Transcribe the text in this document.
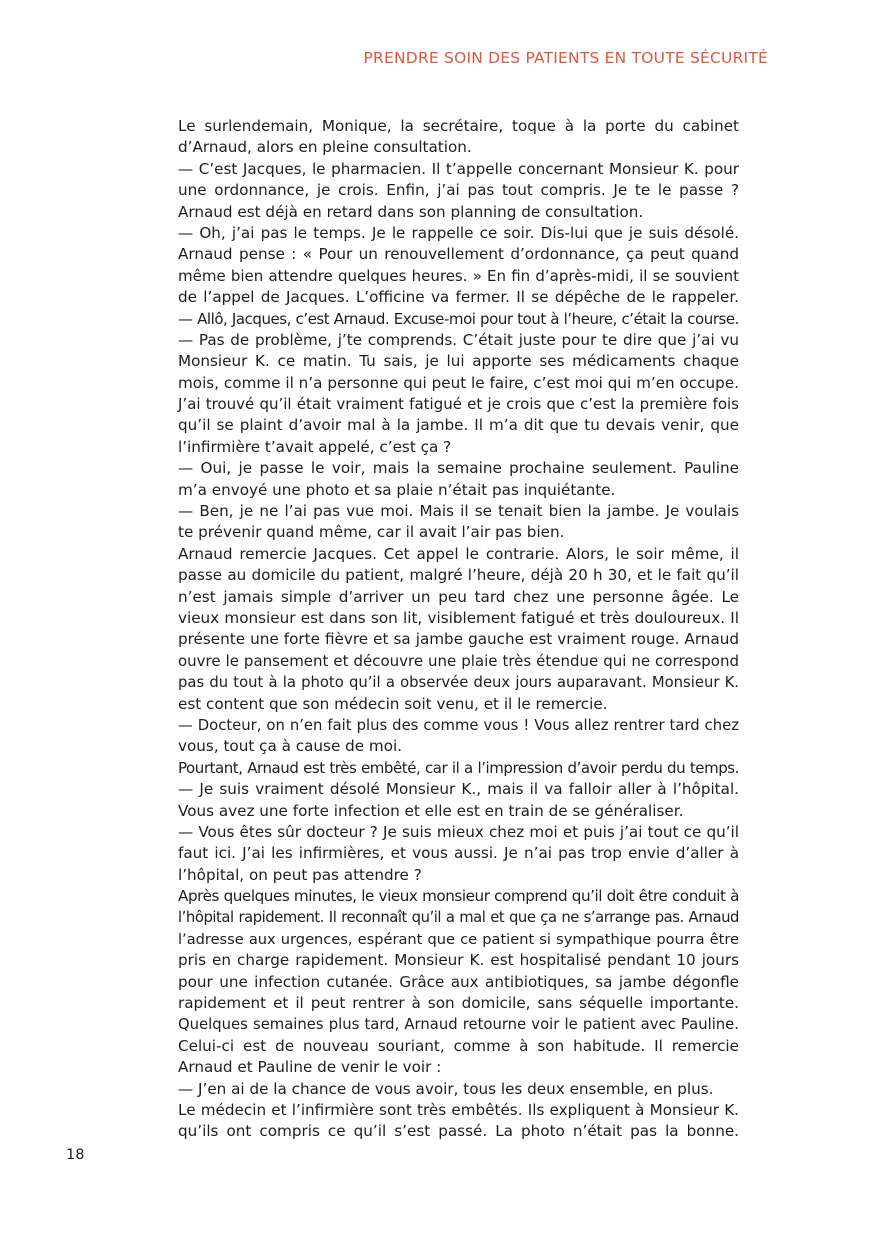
PRENDRE SOIN DES PATIENTS EN TOUTE SÉCURITÉ
Le surlendemain, Monique, la secrétaire, toque à la porte du cabinet
d’Arnaud, alors en pleine consultation.
— C’est Jacques, le pharmacien. Il t’appelle concernant Monsieur K. pour
une ordonnance, je crois. Enfin, j’ai pas tout compris. Je te le passe ?
Arnaud est déjà en retard dans son planning de consultation.
— Oh, j’ai pas le temps. Je le rappelle ce soir. Dis-lui que je suis désolé.
Arnaud pense : « Pour un renouvellement d’ordonnance, ça peut quand
même bien attendre quelques heures. » En fin d’après-midi, il se souvient
de l’appel de Jacques. L’officine va fermer. Il se dépêche de le rappeler.
— Allô, Jacques, c’est Arnaud. Excuse-moi pour tout à l’heure, c’était la course.
— Pas de problème, j’te comprends. C’était juste pour te dire que j’ai vu
Monsieur K. ce matin. Tu sais, je lui apporte ses médicaments chaque
mois, comme il n’a personne qui peut le faire, c’est moi qui m’en occupe.
J’ai trouvé qu’il était vraiment fatigué et je crois que c’est la première fois
qu’il se plaint d’avoir mal à la jambe. Il m’a dit que tu devais venir, que
l’infirmière t’avait appelé, c’est ça ?
— Oui, je passe le voir, mais la semaine prochaine seulement. Pauline
m’a envoyé une photo et sa plaie n’était pas inquiétante.
— Ben, je ne l’ai pas vue moi. Mais il se tenait bien la jambe. Je voulais
te prévenir quand même, car il avait l’air pas bien.
Arnaud remercie Jacques. Cet appel le contrarie. Alors, le soir même, il
passe au domicile du patient, malgré l’heure, déjà 20 h 30, et le fait qu’il
n’est jamais simple d’arriver un peu tard chez une personne âgée. Le
vieux monsieur est dans son lit, visiblement fatigué et très douloureux. Il
présente une forte fièvre et sa jambe gauche est vraiment rouge. Arnaud
ouvre le pansement et découvre une plaie très étendue qui ne correspond
pas du tout à la photo qu’il a observée deux jours auparavant. Monsieur K.
est content que son médecin soit venu, et il le remercie.
— Docteur, on n’en fait plus des comme vous ! Vous allez rentrer tard chez
vous, tout ça à cause de moi.
Pourtant, Arnaud est très embêté, car il a l’impression d’avoir perdu du temps.
— Je suis vraiment désolé Monsieur K., mais il va falloir aller à l’hôpital.
Vous avez une forte infection et elle est en train de se généraliser.
— Vous êtes sûr docteur ? Je suis mieux chez moi et puis j’ai tout ce qu’il
faut ici. J’ai les infirmières, et vous aussi. Je n’ai pas trop envie d’aller à
l’hôpital, on peut pas attendre ?
Après quelques minutes, le vieux monsieur comprend qu’il doit être conduit à
l’hôpital rapidement. Il reconnaît qu’il a mal et que ça ne s’arrange pas. Arnaud
l’adresse aux urgences, espérant que ce patient si sympathique pourra être
pris en charge rapidement. Monsieur K. est hospitalisé pendant 10 jours
pour une infection cutanée. Grâce aux antibiotiques, sa jambe dégonfle
rapidement et il peut rentrer à son domicile, sans séquelle importante.
Quelques semaines plus tard, Arnaud retourne voir le patient avec Pauline.
Celui-ci est de nouveau souriant, comme à son habitude. Il remercie
Arnaud et Pauline de venir le voir :
— J’en ai de la chance de vous avoir, tous les deux ensemble, en plus.
Le médecin et l’infirmière sont très embêtés. Ils expliquent à Monsieur K.
qu’ils ont compris ce qu’il s’est passé. La photo n’était pas la bonne.
18
